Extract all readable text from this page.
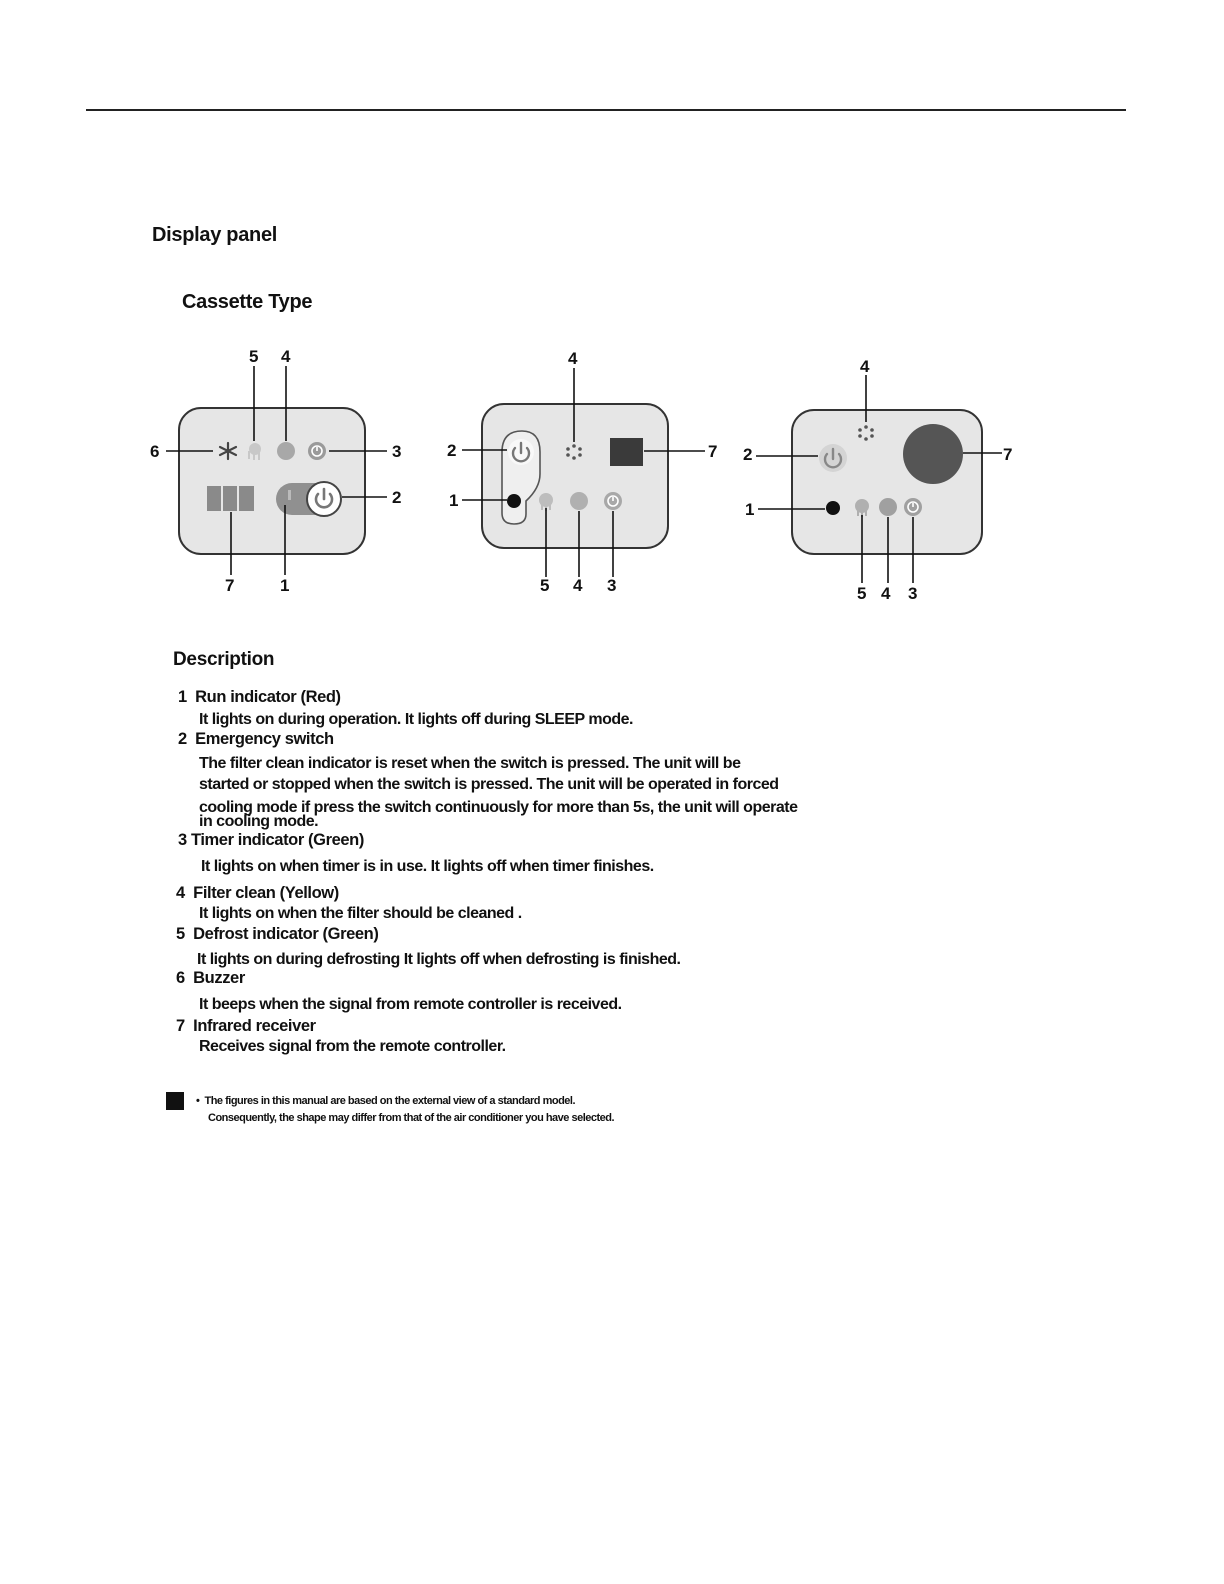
Display panel
Cassette Type
5 4
6	3
2
7	1
4
2	7
1
5 4 3
4
2	7
1
5 4 3
Description
1 Run indicator (Red)
It lights on during operation. It lights off during SLEEP mode.
2 Emergency switch
The filter clean indicator is reset when the switch is pressed. The unit will be
started or stopped when the switch is pressed. The unit will be operated in forced
cooling mode if press the switch continuously for more than 5s, the unit will operate
in cooling mode.
3 Timer indicator (Green)
It lights on when timer is in use. It lights off when timer finishes.
4 Filter clean (Yellow)
It lights on when the filter should be cleaned .
5 Defrost indicator (Green)
It lights on during defrosting It lights off when defrosting is finished.
6 Buzzer
It beeps when the signal from remote controller is received.
7 Infrared receiver
Receives signal from the remote controller.
• The figures in this manual are based on the external view of a standard model.
Consequently, the shape may differ from that of the air conditioner you have selected.
